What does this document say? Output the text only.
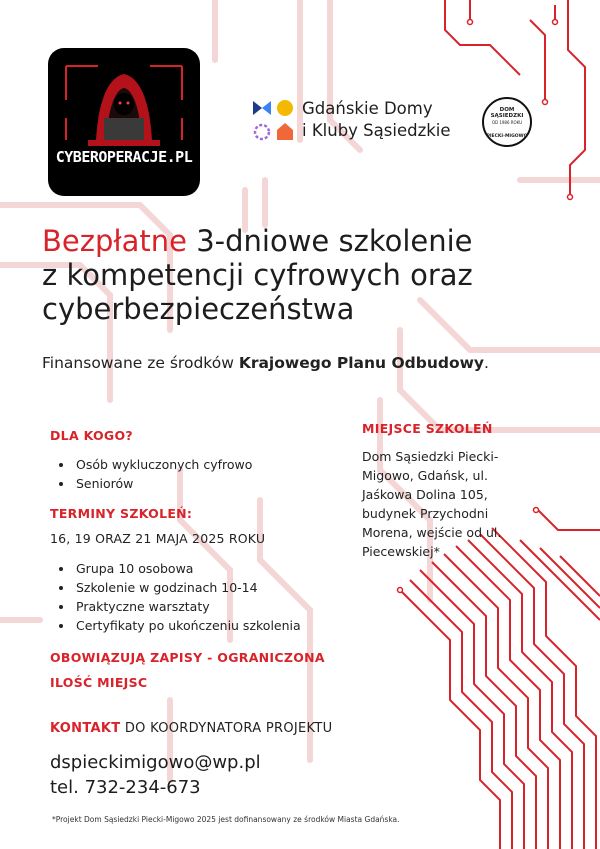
CYBEROPERACJE.PL
Gdańskie Domy
i Kluby Sąsiedzkie
DOM SĄSIEDZKI
OD 1986 ROKU
PIECKI-MIGOWO
Bezpłatne 3-dniowe szkolenie
z kompetencji cyfrowych oraz
cyberbezpieczeństwa
Finansowane ze środków Krajowego Planu Odbudowy.
DLA KOGO?
• Osób wykluczonych cyfrowo
• Seniorów
TERMINY SZKOLEŃ:
16, 19 ORAZ 21 MAJA 2025 ROKU
• Grupa 10 osobowa
• Szkolenie w godzinach 10-14
• Praktyczne warsztaty
• Certyfikaty po ukończeniu szkolenia
MIEJSCE SZKOLEŃ
Dom Sąsiedzki Piecki-
Migowo, Gdańsk, ul.
Jaśkowa Dolina 105,
budynek Przychodni
Morena, wejście od ul.
Piecewskiej*
OBOWIĄZUJĄ ZAPISY - OGRANICZONA
ILOŚĆ MIEJSC
KONTAKT DO KOORDYNATORA PROJEKTU
dspieckimigowo@wp.pl
tel. 732-234-673
*Projekt Dom Sąsiedzki Piecki-Migowo 2025 jest dofinansowany ze środków Miasta Gdańska.
